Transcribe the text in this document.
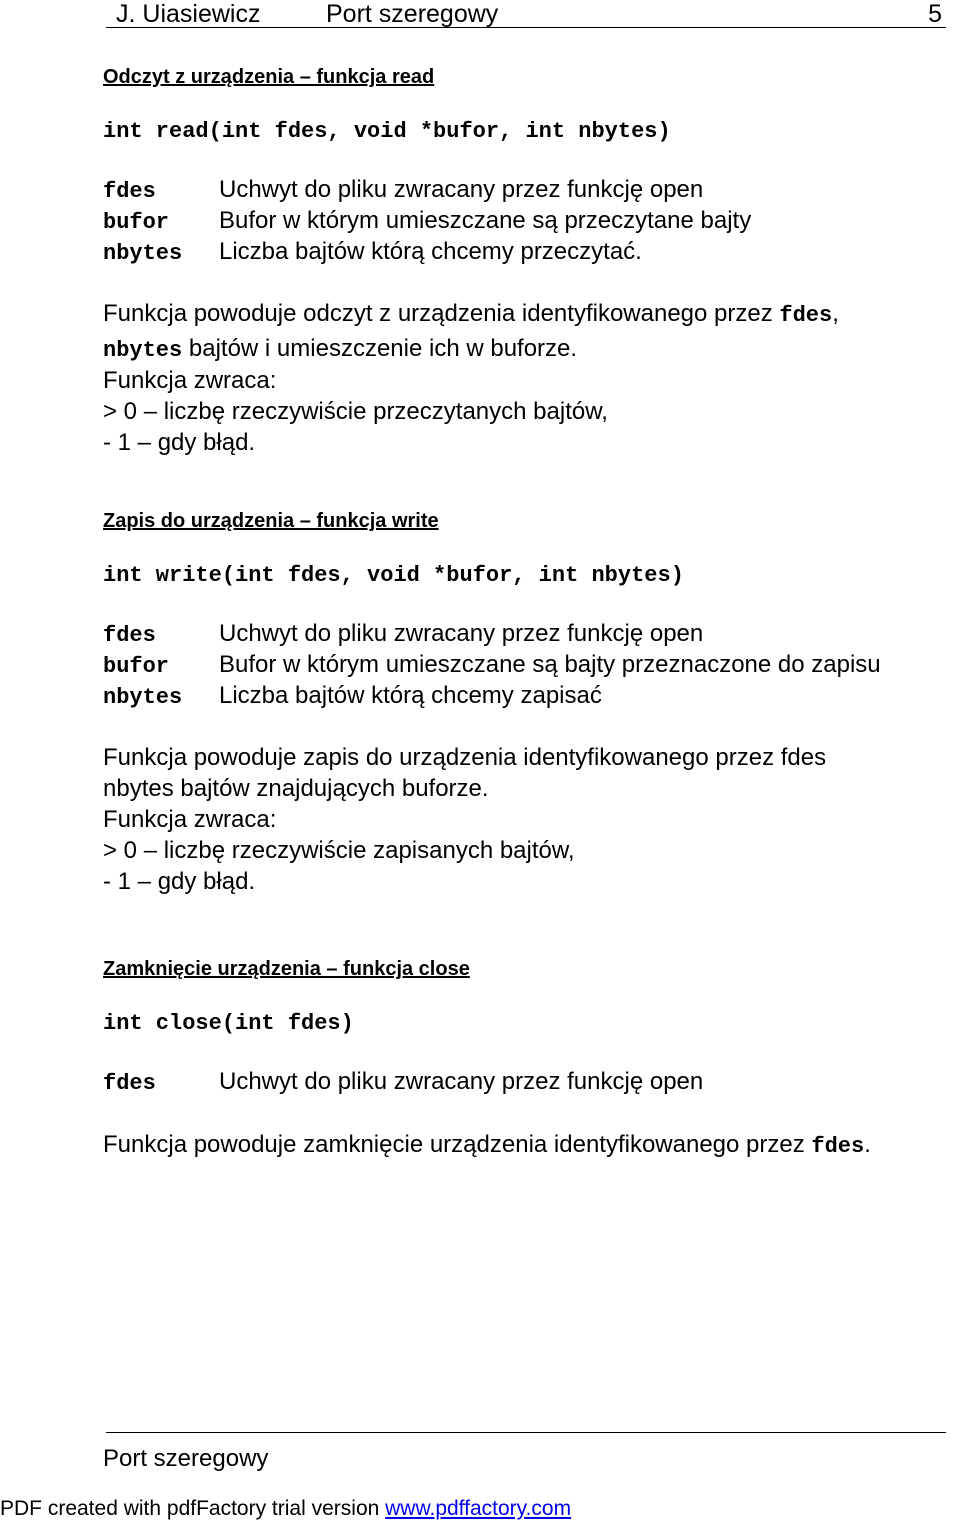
J. Uіasiewicz	Port szeregowy	5
Odczyt z urządzenia – funkcja read
int read(int fdes, void *bufor, int nbytes)
fdes	Uchwyt do pliku zwracany przez funkcję open
bufor Bufor w którym umieszczane są przeczytane bajty
nbytes Liczba bajtów którą chcemy przeczytać.
Funkcja powoduje odczyt z urządzenia identyfikowanego przez fdes,
nbytes bajtów i umieszczenie ich w buforze.
Funkcja zwraca:
> 0 – liczbę rzeczywiście przeczytanych bajtów,
- 1 – gdy błąd.
Zapis do urządzenia – funkcja write
int write(int fdes, void *bufor, int nbytes)
fdes	Uchwyt do pliku zwracany przez funkcję open
bufor Bufor w którym umieszczane są bajty przeznaczone do zapisu
nbytes Liczba bajtów którą chcemy zapisać
Funkcja powoduje zapis do urządzenia identyfikowanego przez fdes
nbytes bajtów znajdujących buforze.
Funkcja zwraca:
> 0 – liczbę rzeczywiście zapisanych bajtów,
- 1 – gdy błąd.
Zamknięcie urządzenia – funkcja close
int close(int fdes)
fdes	Uchwyt do pliku zwracany przez funkcję open
Funkcja powoduje zamknięcie urządzenia identyfikowanego przez fdes.
Port szeregowy
PDF created with pdfFactory trial version www.pdffactory.com
